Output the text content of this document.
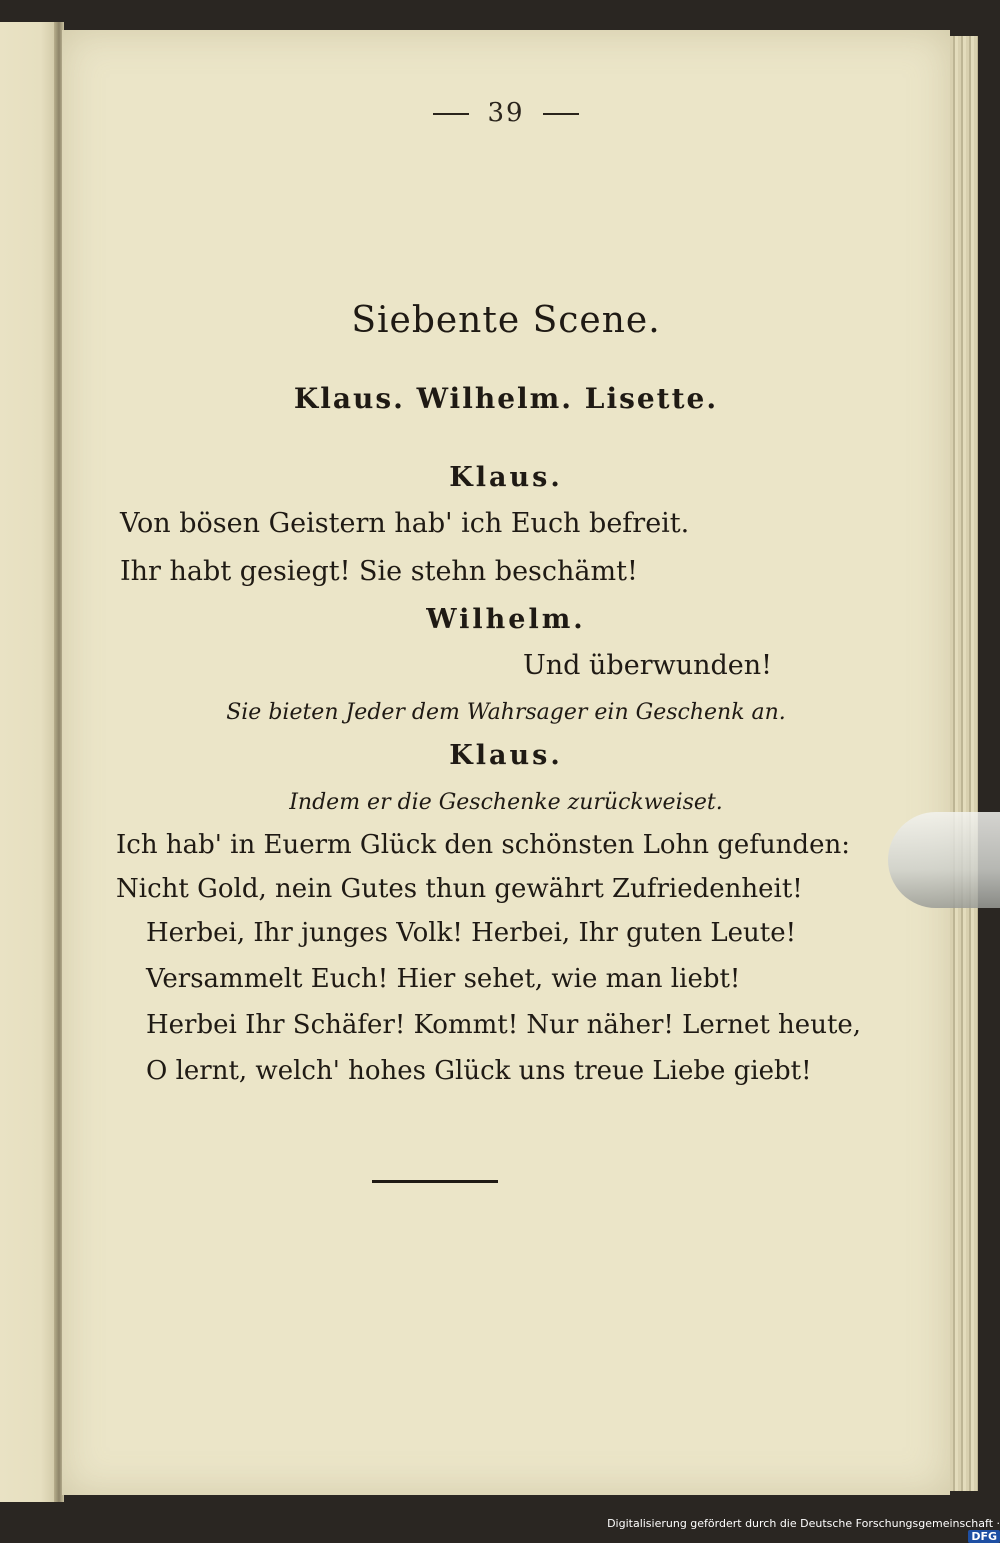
39
Siebente Scene.
Klaus. Wilhelm. Lisette.
Klaus.
Von bösen Geistern hab' ich Euch befreit.
Ihr habt gesiegt! Sie stehn beschämt!
Wilhelm.
Und überwunden!
Sie bieten Jeder dem Wahrsager ein Geschenk an.
Klaus.
Indem er die Geschenke zurückweiset.
Ich hab' in Euerm Glück den schönsten Lohn gefunden:
Nicht Gold, nein Gutes thun gewährt Zufriedenheit!
Herbei, Ihr junges Volk! Herbei, Ihr guten Leute!
Versammelt Euch! Hier sehet, wie man liebt!
Herbei Ihr Schäfer! Kommt! Nur näher! Lernet heute,
O lernt, welch' hohes Glück uns treue Liebe giebt!
Digitalisierung gefördert durch die Deutsche Forschungsgemeinschaft ·DFG
